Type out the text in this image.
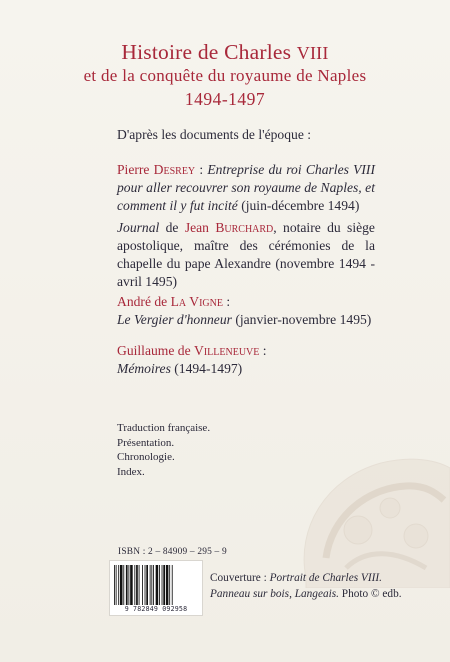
Histoire de Charles VIII
et de la conquête du royaume de Naples
1494-1497
D'après les documents de l'époque :
Pierre Desrey : Entreprise du roi Charles VIII pour aller recouvrer son royaume de Naples, et comment il y fut incité (juin-décembre 1494)
Journal de Jean Burchard, notaire du siège apostolique, maître des cérémonies de la chapelle du pape Alexandre (novembre 1494 - avril 1495)
André de La Vigne :
Le Vergier d'honneur (janvier-novembre 1495)
Guillaume de Villeneuve :
Mémoires (1494-1497)
Traduction française.
Présentation.
Chronologie.
Index.
ISBN : 2 – 84909 – 295 – 9
9 782849 092958
Couverture : Portrait de Charles VIII.
Panneau sur bois, Langeais. Photo © edb.
